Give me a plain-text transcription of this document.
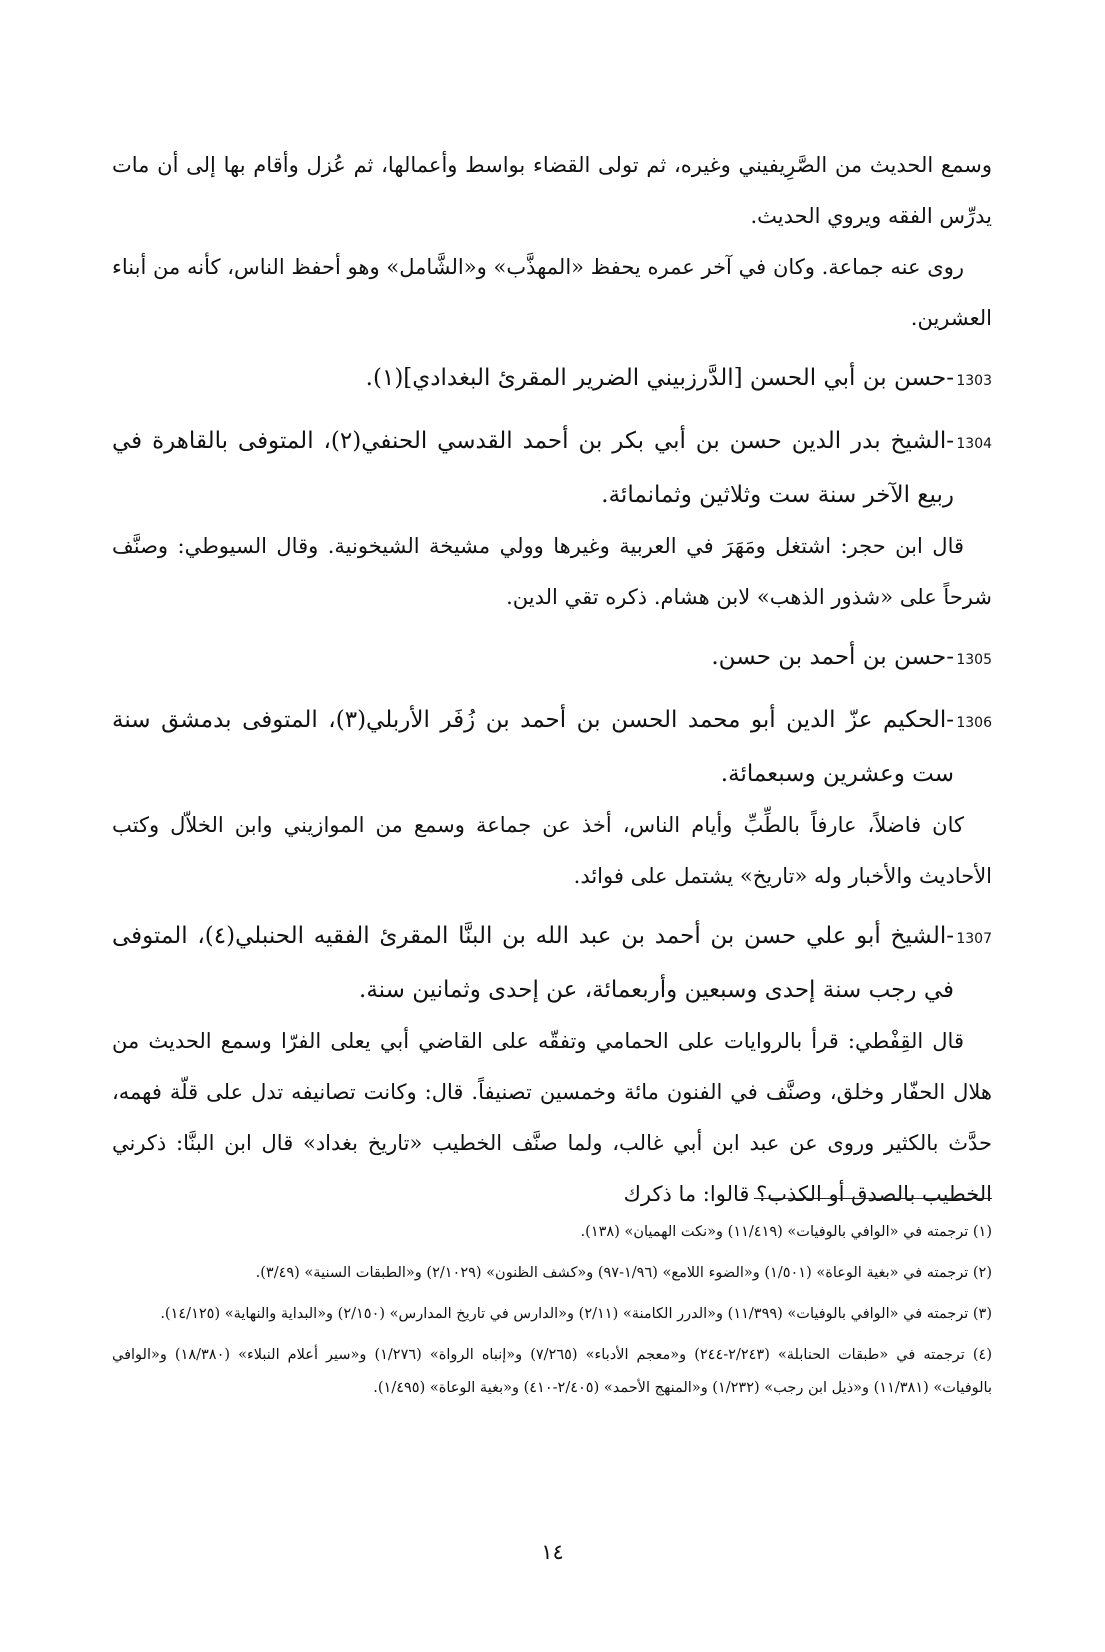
وسمع الحديث من الصَّرِيفيني وغيره، ثم تولى القضاء بواسط وأعمالها، ثم عُزل وأقام بها إلى أن مات يدرِّس الفقه ويروي الحديث.

روى عنه جماعة. وكان في آخر عمره يحفظ «المهذَّب» و«الشَّامل» وهو أحفظ الناس، كأنه من أبناء العشرين.

1303-حسن بن أبي الحسن [الدَّرزبيني الضرير المقرئ البغدادي](١).

1304-الشيخ بدر الدين حسن بن أبي بكر بن أحمد القدسي الحنفي(٢)، المتوفى بالقاهرة في ربيع الآخر سنة ست وثلاثين وثمانمائة.

قال ابن حجر: اشتغل ومَهَرَ في العربية وغيرها وولي مشيخة الشيخونية. وقال السيوطي: وصنَّف شرحاً على «شذور الذهب» لابن هشام. ذكره تقي الدين.

1305-حسن بن أحمد بن حسن.

1306-الحكيم عزّ الدين أبو محمد الحسن بن أحمد بن زُفَر الأربلي(٣)، المتوفى بدمشق سنة ست وعشرين وسبعمائة.

كان فاضلاً، عارفاً بالطِّبِّ وأيام الناس، أخذ عن جماعة وسمع من الموازيني وابن الخلاّل وكتب الأحاديث والأخبار وله «تاريخ» يشتمل على فوائد.

1307-الشيخ أبو علي حسن بن أحمد بن عبد الله بن البنَّا المقرئ الفقيه الحنبلي(٤)، المتوفى في رجب سنة إحدى وسبعين وأربعمائة، عن إحدى وثمانين سنة.

قال القِفْطي: قرأ بالروايات على الحمامي وتفقّه على القاضي أبي يعلى الفرّا وسمع الحديث من هلال الحفّار وخلق، وصنَّف في الفنون مائة وخمسين تصنيفاً. قال: وكانت تصانيفه تدل على قلّة فهمه، حدَّث بالكثير وروى عن عبد ابن أبي غالب، ولما صنَّف الخطيب «تاريخ بغداد» قال ابن البنَّا: ذكرني الخطيب بالصدق أو الكذب؟ قالوا: ما ذكرك

(١) ترجمته في «الوافي بالوفيات» (١١/٤١٩) و«نكت الهميان» (١٣٨).

(٢) ترجمته في «بغية الوعاة» (١/٥٠١) و«الضوء اللامع» (١/٩٦-٩٧) و«كشف الظنون» (٢/١٠٢٩) و«الطبقات السنية» (٣/٤٩).

(٣) ترجمته في «الوافي بالوفيات» (١١/٣٩٩) و«الدرر الكامنة» (٢/١١) و«الدارس في تاريخ المدارس» (٢/١٥٠) و«البداية والنهاية» (١٤/١٢٥).

(٤) ترجمته في «طبقات الحنابلة» (٢/٢٤٣-٢٤٤) و«معجم الأدباء» (٧/٢٦٥) و«إنباه الرواة» (١/٢٧٦) و«سير أعلام النبلاء» (١٨/٣٨٠) و«الوافي بالوفيات» (١١/٣٨١) و«ذيل ابن رجب» (١/٢٣٢) و«المنهج الأحمد» (٢/٤٠٥-٤١٠) و«بغية الوعاة» (١/٤٩٥).

١٤
